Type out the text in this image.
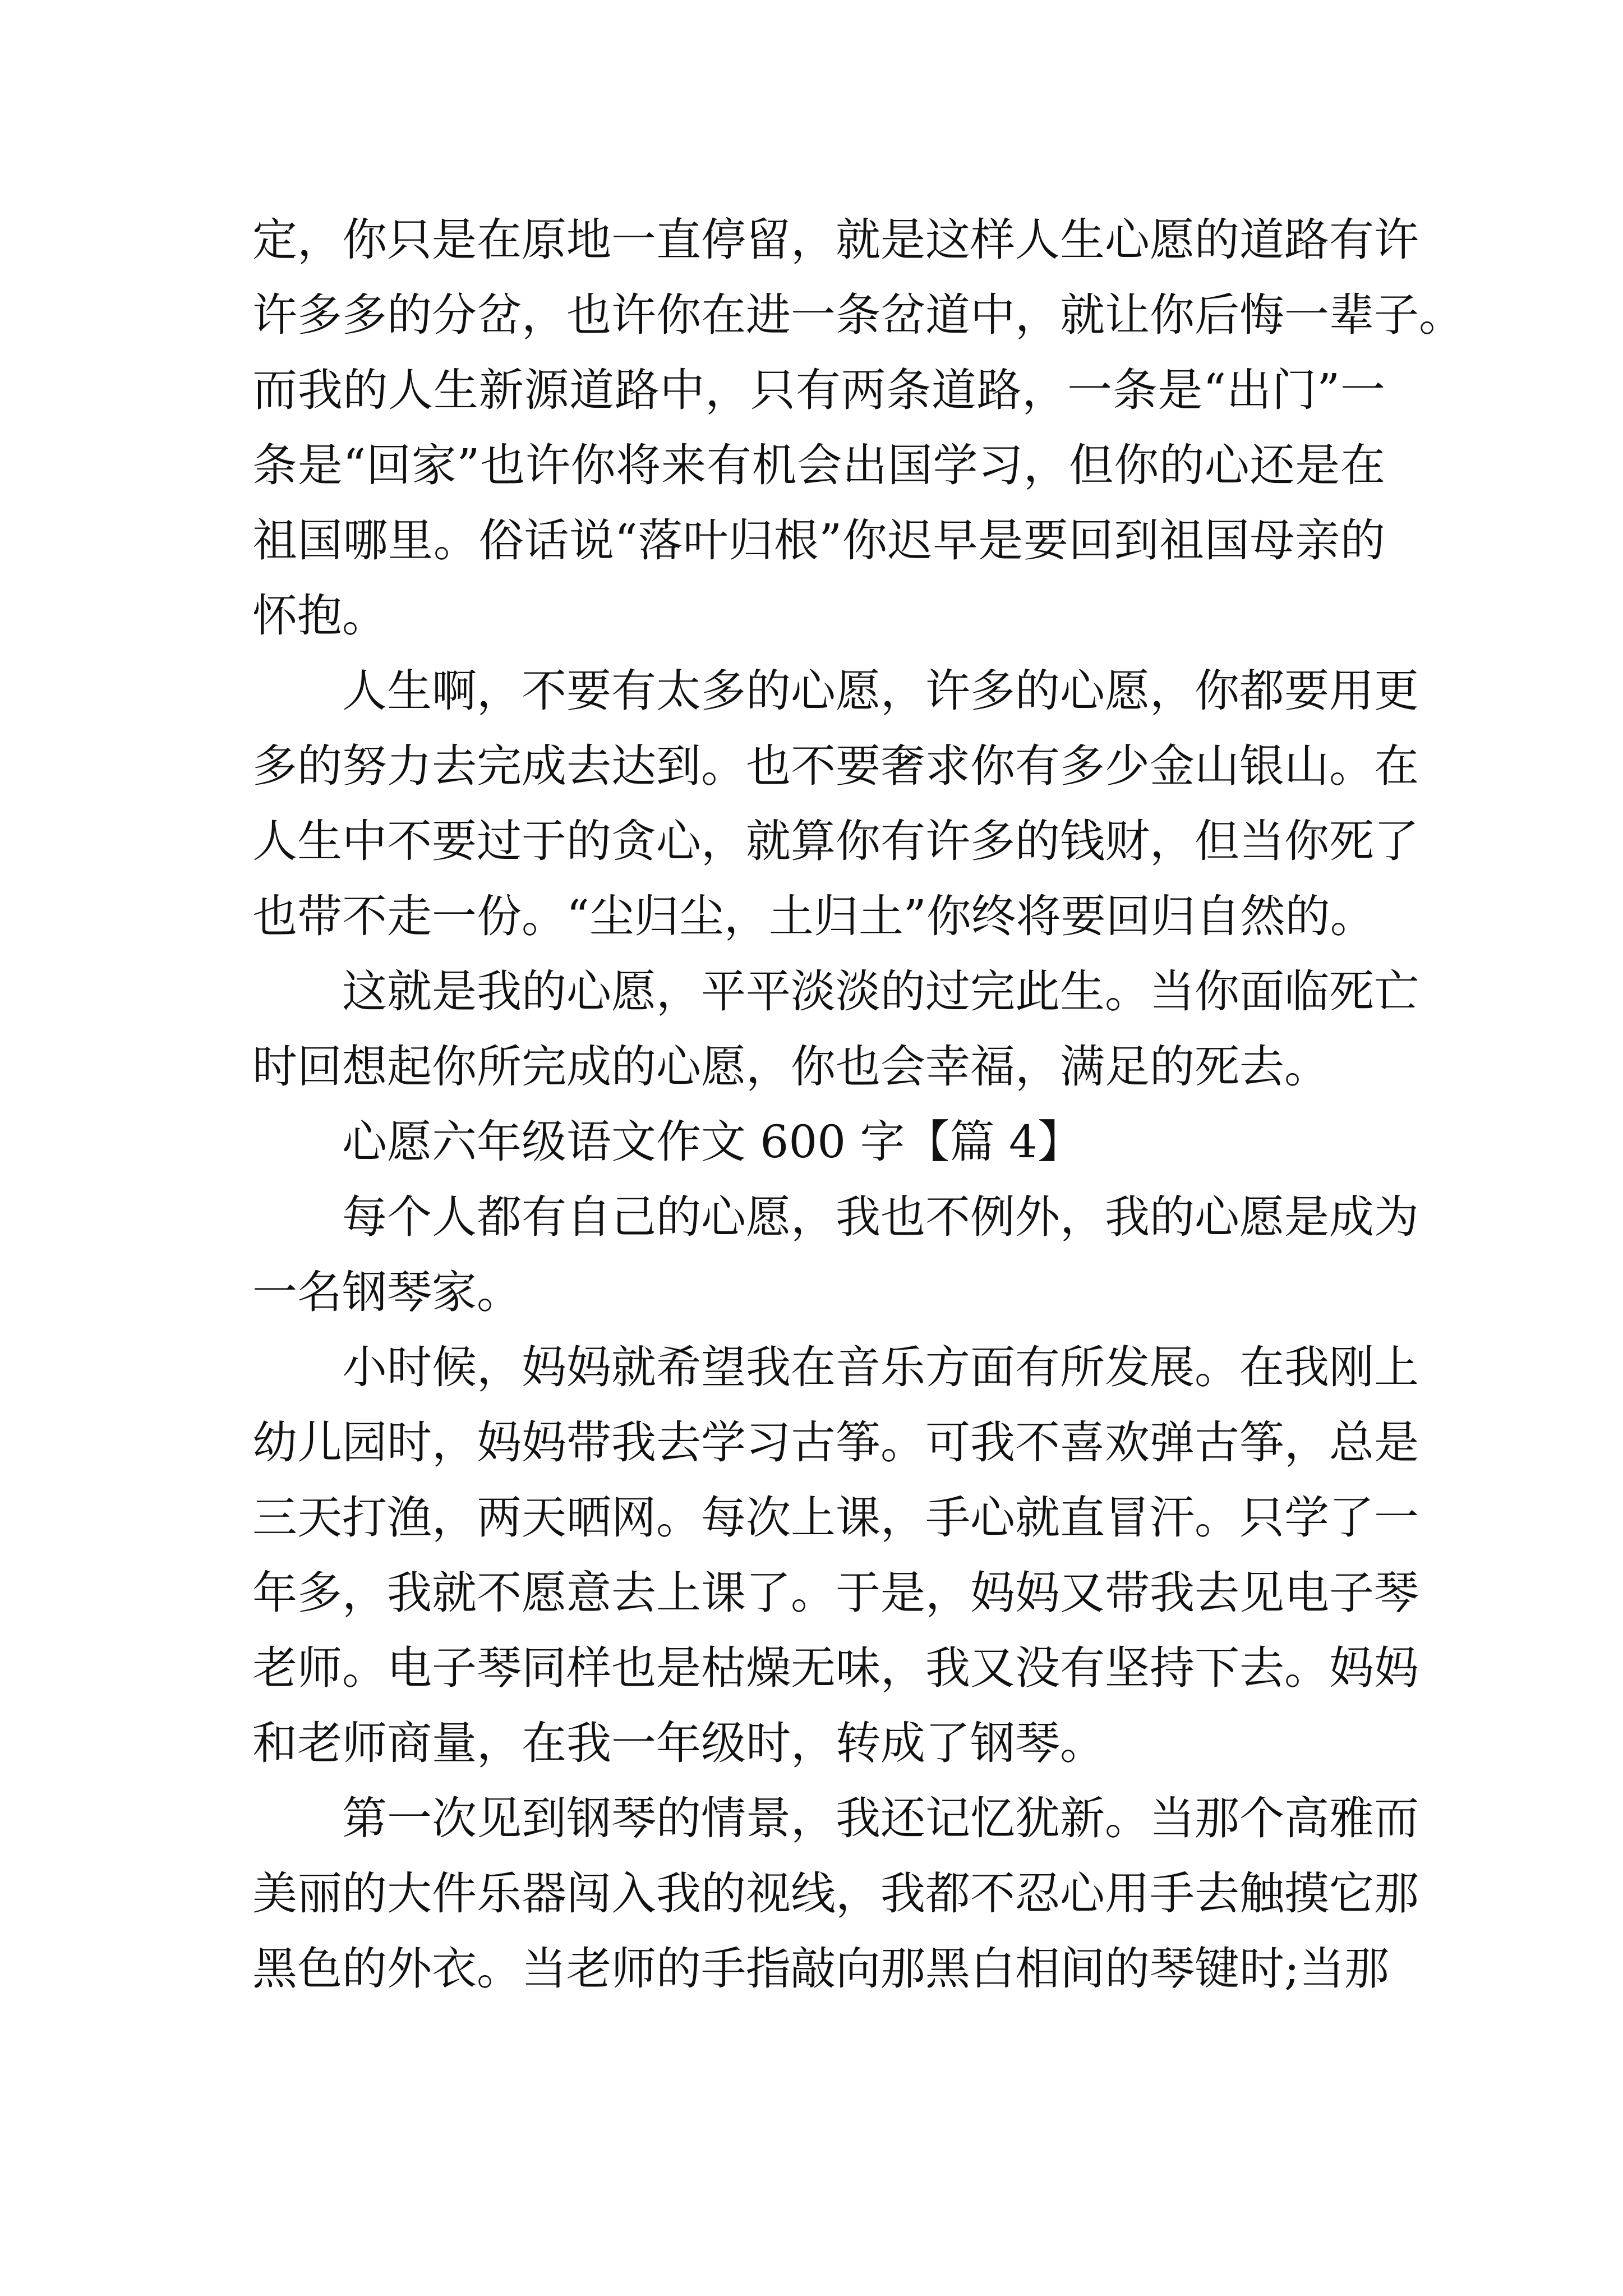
定，你只是在原地一直停留，就是这样人生心愿的道路有许

许多多的分岔，也许你在进一条岔道中，就让你后悔一辈子。

而我的人生新源道路中，只有两条道路，一条是“出门”一

条是“回家”也许你将来有机会出国学习，但你的心还是在

祖国哪里。俗话说“落叶归根”你迟早是要回到祖国母亲的

怀抱。

人生啊，不要有太多的心愿，许多的心愿，你都要用更

多的努力去完成去达到。也不要奢求你有多少金山银山。在

人生中不要过于的贪心，就算你有许多的钱财，但当你死了

也带不走一份。“尘归尘，土归土”你终将要回归自然的。

这就是我的心愿，平平淡淡的过完此生。当你面临死亡

时回想起你所完成的心愿，你也会幸福，满足的死去。

心愿六年级语文作文 600 字【篇 4】

每个人都有自己的心愿，我也不例外，我的心愿是成为

一名钢琴家。

小时候，妈妈就希望我在音乐方面有所发展。在我刚上

幼儿园时，妈妈带我去学习古筝。可我不喜欢弹古筝，总是

三天打渔，两天晒网。每次上课，手心就直冒汗。只学了一

年多，我就不愿意去上课了。于是，妈妈又带我去见电子琴

老师。电子琴同样也是枯燥无味，我又没有坚持下去。妈妈

和老师商量，在我一年级时，转成了钢琴。

第一次见到钢琴的情景，我还记忆犹新。当那个高雅而

美丽的大件乐器闯入我的视线，我都不忍心用手去触摸它那

黑色的外衣。当老师的手指敲向那黑白相间的琴键时;当那
